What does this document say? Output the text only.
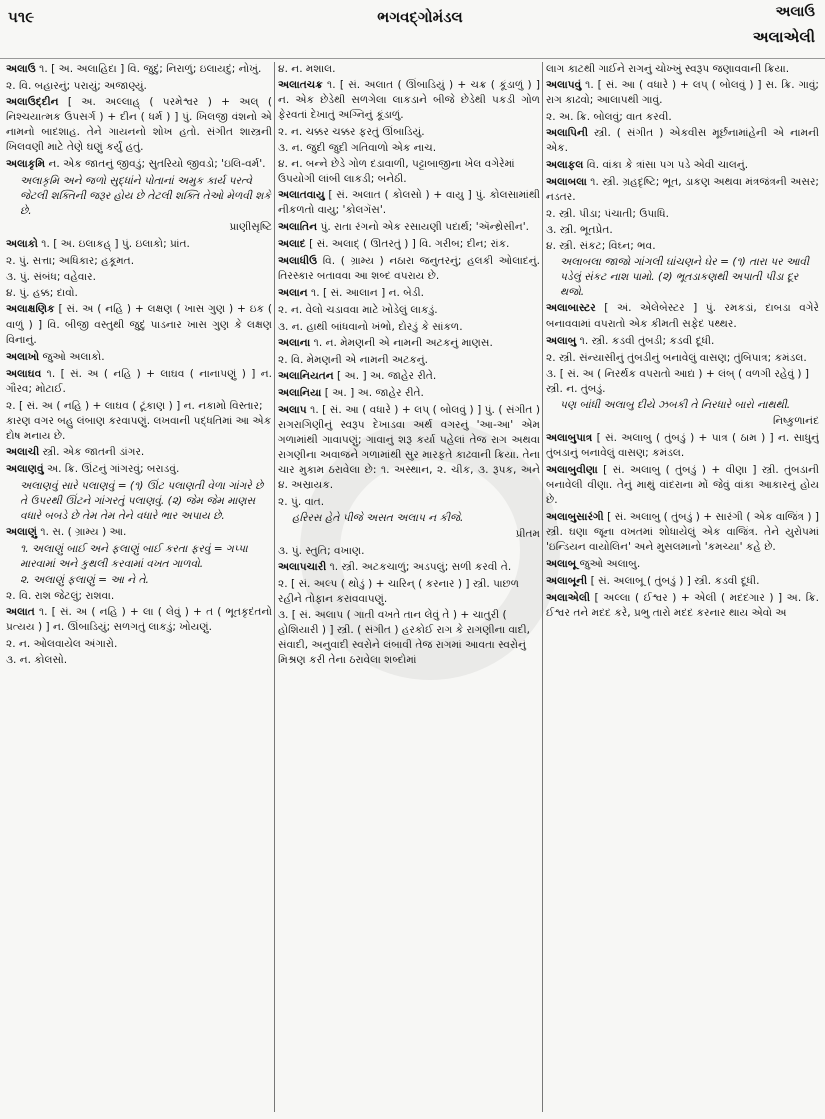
૫૧૯	ભગવદ્ગોમંડલ	અલાઉ
અલાએલી
અલાઉ ૧. [ અ. અલાહિદા ] વિ. જુદું; નિરાળું; ઇલાયદું; નોખું.
૨. વિ. બહારનું; પરાયું; અજાણ્યું.
અલાઉદ્દીન [ અ. અલ્લાહ્ ( પરમેશ્વર ) + અલ્ ( નિશ્ચયાત્મક ઉપસર્ગ ) + દીન ( ધર્મ ) ] પું. ખિલજી વંશનો એ નામનો બાદશાહ. તેને ગાયનનો શોખ હતો. સંગીત શાસ્ત્રની ખિલવણી માટે તેણે ઘણું કર્યું હતું.
અલાકૃમિ ન. એક જાતનું જીવડું; સુતરિયો જીવડો; 'ઇલિ-વર્મ'.
અલાકૃમિ અને જળો સુદ્ધાંને પોતાનાં અમુક કાર્ય પરત્વે જેટલી શક્તિની જરૂર હોય છે તેટલી શક્તિ તેઓ મેળવી શકે છે.
પ્રાણીસૃષ્ટિ
અલાકો ૧. [ અ. ઇલાકહ્ ] પું. ઇલાકો; પ્રાંત.
૨. પું. સત્તા; અધિકાર; હકૂમત.
૩. પું. સંબંધ; વહેવાર.
૪. પું. હક્ક; દાવો.
અલાક્ષણિક [ સં. અ ( નહિ ) + લક્ષણ ( ખાસ ગુણ ) + ઇક ( વાળું ) ] વિ. બીજી વસ્તુથી જુદું પાડનાર ખાસ ગુણ કે લક્ષણ વિનાનું.
અલાખો જુઓ અલાકો.
અલાઘવ ૧. [ સં. અ ( નહિ ) + લાઘવ ( નાનાપણું ) ] ન. ગૌરવ; મોટાઈ.
૨. [ સં. અ ( નહિ ) + લાઘવ ( ટૂંકાણ ) ] ન. નકામો વિસ્તાર; કારણ વગર બહુ લંબાણ કરવાપણું. લખવાની પદ્ધતિમાં આ એક દોષ મનાય છે.
અલાચી સ્ત્રી. એક જાતની ડાંગર.
અલાણવું અ. ક્રિ. ઊંટનું ગાંગરવું; બરાડવું.
અલાણવું સારે પલાણવું = (૧) ઊંટ પલાણતી વેળા ગાંગરે છે તે ઉપરથી ઊંટને ગાંગરતું પલાણવું. (૨) જેમ જેમ માણસ વધારે બબડે છે તેમ તેમ તેને વધારે ભાર અપાય છે.
અલાણું ૧. સ. ( ગ્રામ્ય ) આ.
૧. અલાણું બાઈ અને ફલાણું બાઈ કરતા ફરવું = ગપ્પા મારવામાં અને કુથલી કરવામાં વખત ગાળવો.
૨. અલાણું ફલાણું = આ ને તે.
૨. વિ. રાશ જેટલું; રાશવા.
અલાત ૧. [ સં. અ ( નહિ ) + લા ( લેવું ) + ત ( ભૂતકૃદંતનો પ્રત્યય ) ] ન. ઊંબાડિયું; સળગતું લાકડું; ખોયણું.
૨. ન. ઓલવાયેલ અંગારો.
૩. ન. કોલસો.
૪. ન. મશાલ.
અલાતચક્ર ૧. [ સં. અલાત ( ઊંબાડિયું ) + ચક્ર ( કૂંડાળું ) ] ન. એક છેડેથી સળગેલા લાકડાને બીજે છેડેથી પકડી ગોળ ફેરવતાં દેખાતું અગ્નિનું કૂંડાળું.
૨. ન. ચક્કર ચક્કર ફરતું ઊંબાડિયું.
૩. ન. જુદી જુદી ગતિવાળો એક નાચ.
૪. ન. બન્ને છેડે ગોળ દડાવાળી, પટ્ટાબાજીના ખેલ વગેરેમાં ઉપયોગી લાંબી લાકડી; બનેઠી.
અલાતવાયુ [ સં. અલાત ( કોલસો ) + વાયુ ] પું. કોલસામાંથી નીકળતો વાયુ; 'કોલગૅસ'.
અલાતિન પું. રાતા રંગનો એક રસાયણી પદાર્થ; 'ઍન્થ્રેસીન'.
અલાદ [ સં. અલાદ્ ( ઊતરતું ) ] વિ. ગરીબ; દીન; રાંક.
અલાધીઉ વિ. ( ગ્રામ્ય ) નઠારા જનુતરનું; હલકી ઓલાદનું. તિરસ્કાર બતાવવા આ શબ્દ વપરાય છે.
અલાન ૧. [ સં. આલાન ] ન. બેડી.
૨. ન. વેલો ચડાવવા માટે ખોડેલું લાકડું.
૩. ન. હાથી બાંધવાનો ખંભો, દોરડું કે સાંકળ.
અલાના ૧. ન. મેમણની એ નામની અટકનું માણસ.
૨. વિ. મેમણની એ નામની અટકનું.
અલાનિયતન [ અ. ] અ. જાહેર રીતે.
અલાનિયા [ અ. ] અ. જાહેર રીતે.
અલાપ ૧. [ સં. આ ( વધારે ) + લપ્ ( બોલવું ) ] પું. ( સંગીત ) રાગરાગિણીનું સ્વરૂપ દેખાડવા અર્થ વગરનું 'આ-આ' એમ ગળામાંથી ગાવાપણું; ગાવાનું શરૂ કર્યા પહેલાં તેજ રાગ અથવા રાગણીના અવાજને ગળામાંથી સુર મારફતે કાઢવાની ક્રિયા. તેના ચાર મુકામ ઠરાવેલા છે: ૧. અસ્થાન, ૨. ચીક, ૩. રૂપક, અને ૪. અસ્રાયક.
૨. પું. વાત.
હરિરસ હેતે પીજે અસત અલાપ ન કીજે.
પ્રીતમ
૩. પું. સ્તુતિ; વખાણ.
અલાપચારી ૧. સ્ત્રી. અટકચાળું; અડપલું; સળી કરવી તે.
૨. [ સં. અલ્પ ( થોડું ) + ચારિન્ ( કરનાર ) ] સ્ત્રી. પાછળ રહીને તોફાન કરાવવાપણું.
૩. [ સં. અલાપ ( ગાતી વખતે તાન લેવું તે ) + ચાતુરી ( હોશિયારી ) ] સ્ત્રી. ( સંગીત ) હરકોઈ રાગ કે રાગણીના વાદી, સંવાદી, અનુવાદી સ્વરોને લંબાવી તેજ રાગમાં આવતા સ્વરોનું મિશ્રણ કરી તેના ઠરાવેલા શબ્દોમાં
લાગ કાટથી ગાઈને રાગનું ચોખ્ખું સ્વરૂપ જણાવવાની ક્રિયા.
અલાપવું ૧. [ સં. આ ( વધારે ) + લપ્ ( બોલવું ) ] સ. ક્રિ. ગાવું; રાગ કાઢવો; આલાપથી ગાવું.
૨. અ. ક્રિ. બોલવું; વાત કરવી.
અલાપિની સ્ત્રી. ( સંગીત ) એકવીસ મૂર્છનામાંહેની એ નામની એક.
અલાફલ વિ. વાંકા કે ત્રાંસા પગ પડે એવી ચાલનું.
અલાબલા ૧. સ્ત્રી. ગ્રહદૃષ્ટિ; ભૂત, ડાકણ અથવા મંત્રજંત્રની અસર; નડતર.
૨. સ્ત્રી. પીડા; પંચાતી; ઉપાધિ.
૩. સ્ત્રી. ભૂતપ્રેત.
૪. સ્ત્રી. સંકટ; વિઘ્ન; ભવ.
અલાબલા જાજો ગાંગલી ઘાંચણને ઘેર = (૧) તારા પર આવી પડેલું સંકટ નાશ પામો. (૨) ભૂતડાકણથી અપાતી પીડા દૂર થજો.
અલાબાસ્ટર [ અં. એલેબેસ્ટર ] પું. રમકડાં, દાબડા વગેરે બનાવવામાં વપરાતો એક કીમતી સફેદ પથ્થર.
અલાબુ ૧. સ્ત્રી. કડવી તુંબડી; કડવી દૂધી.
૨. સ્ત્રી. સંન્યાસીનું તુંબડીનું બનાવેલું વાસણ; તુંબિપાત્ર; કમંડલ.
૩. [ સં. અ ( નિરર્થક વપરાતો આદ્ય ) + લંબ્ ( વળગી રહેવું ) ] સ્ત્રી. ન. તુંબડું.
પણ બાંધી અલાબુ દીયે ઝબકી તે નિરધારે બારો નાથથી.
નિષ્કુળાનંદ
અલાબુપાત્ર [ સં. અલાબુ ( તુંબડું ) + પાત્ર ( ઠામ ) ] ન. સાધુનું તુંબડાનું બનાવેલું વાસણ; કમંડલ.
અલાબુવીણા [ સં. અલાબુ ( તુંબડું ) + વીણા ] સ્ત્રી. તુંબડાની બનાવેલી વીણા. તેનું માથું વાંદરાના મોં જેવું વાંકા આકારનું હોય છે.
અલાબુસારંગી [ સં. અલાબુ ( તુંબડું ) + સારંગી ( એક વાજિંત્ર ) ] સ્ત્રી. ઘણા જૂના વખતમાં શોધાયેલું એક વાજિંત્ર. તેને યુરોપમાં 'ઇન્ડિયન વાયોલિન' અને મુસલમાનો 'કમચ્યા' કહે છે.
અલાબૂ જુઓ અલાબુ.
અલાબૂની [ સં. અલાબૂ ( તુંબડું ) ] સ્ત્રી. કડવી દૂધી.
અલાએલી [ અલ્લા ( ઈશ્વર ) + એલી ( મદદગાર ) ] અ. ક્રિ. ઈશ્વર તને મદદ કરે, પ્રભુ તારો મદદ કરનાર થાય એવો અ
